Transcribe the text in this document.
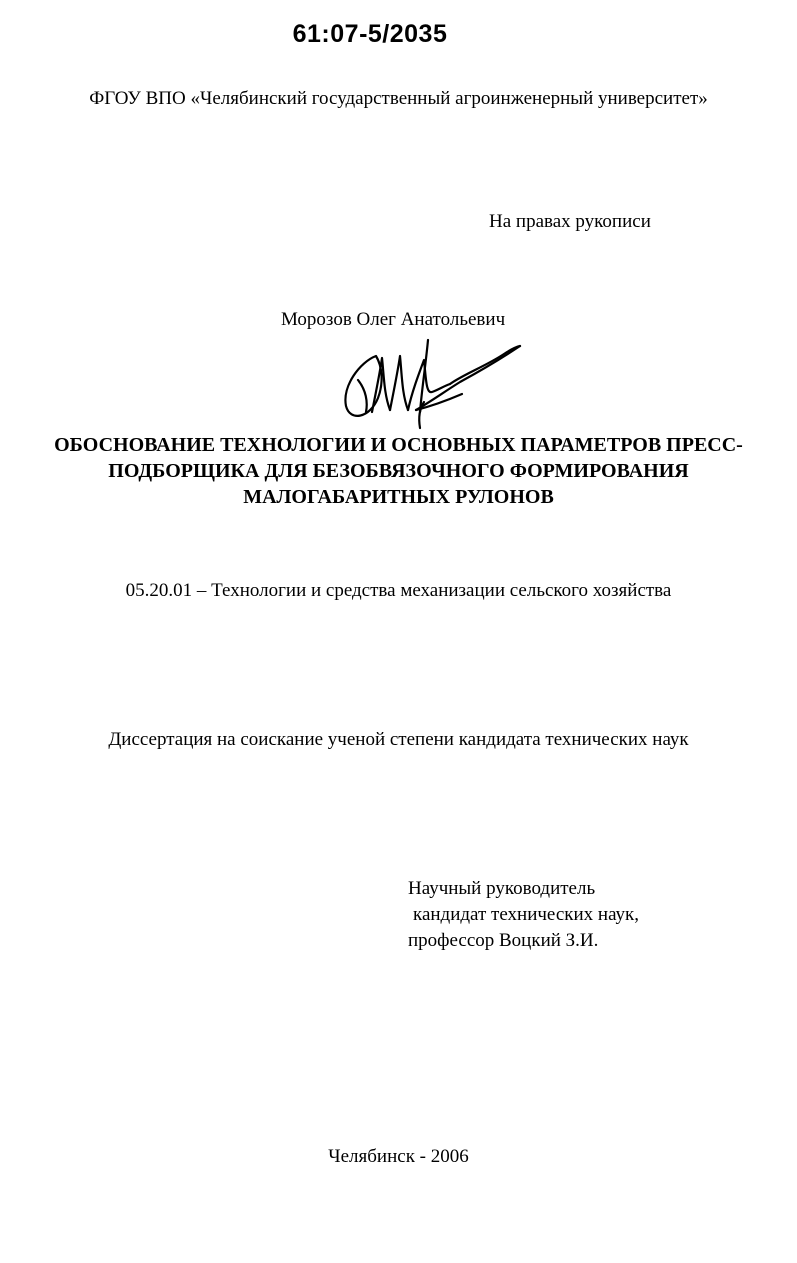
61:07-5/2035
ФГОУ ВПО «Челябинский государственный агроинженерный университет»
На правах рукописи
Морозов Олег Анатольевич
ОБОСНОВАНИЕ ТЕХНОЛОГИИ И ОСНОВНЫХ ПАРАМЕТРОВ ПРЕСС-
ПОДБОРЩИКА ДЛЯ БЕЗОБВЯЗОЧНОГО ФОРМИРОВАНИЯ
МАЛОГАБАРИТНЫХ РУЛОНОВ
05.20.01 – Технологии и средства механизации сельского хозяйства
Диссертация на соискание ученой степени кандидата технических наук
Научный руководитель
кандидат технических наук,
профессор Воцкий З.И.
Челябинск - 2006
